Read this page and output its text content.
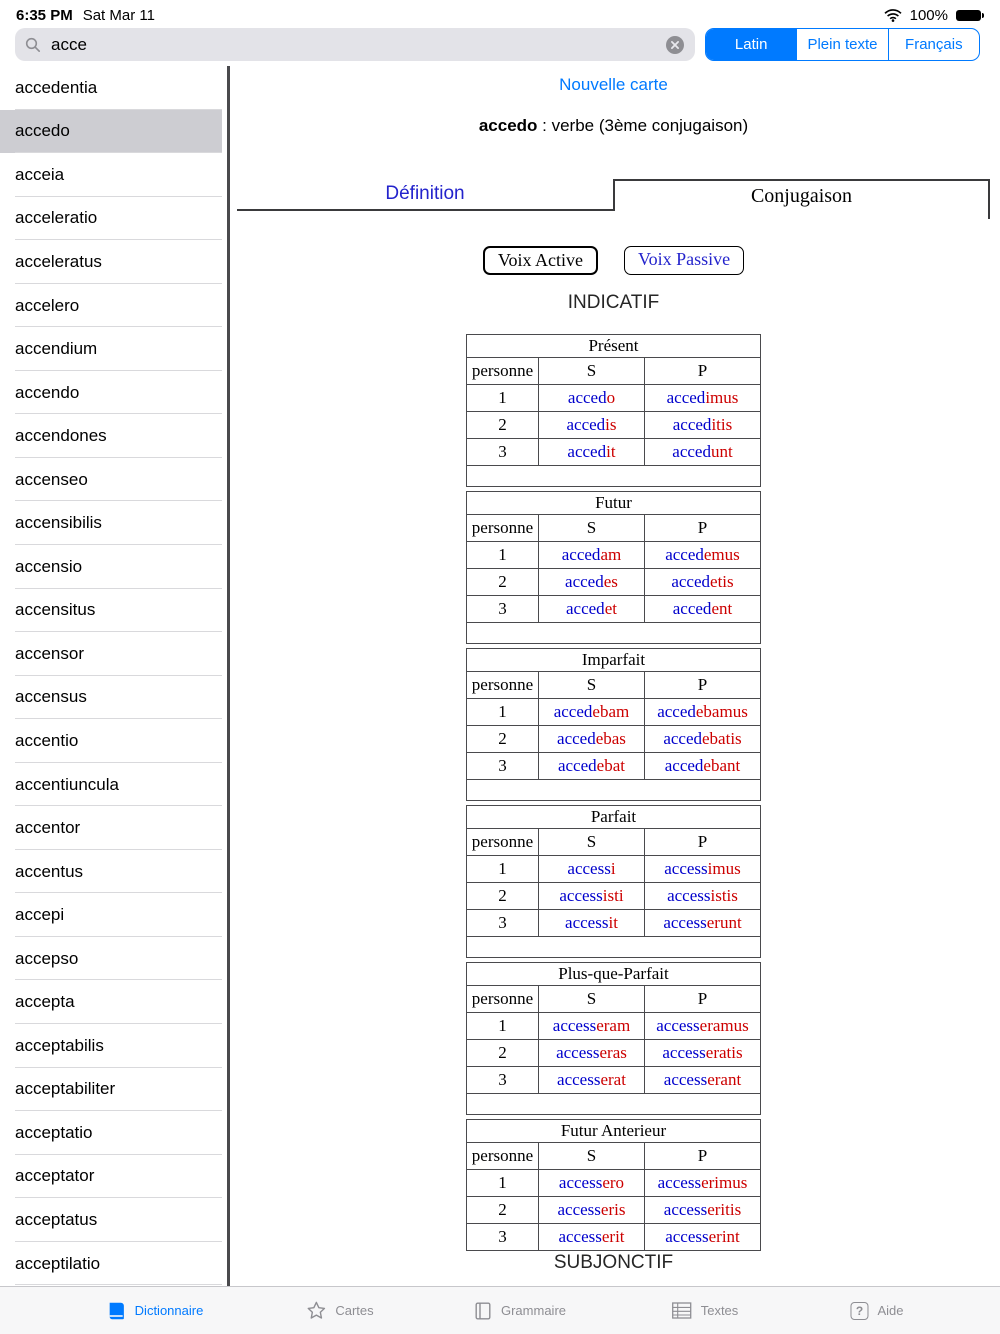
6:35 PM Sat Mar 11	100%
acce
Latin	Plein texte	Français
accedentia
accedo
acceia
acceleratio
acceleratus
accelero
accendium
accendo
accendones
accenseo
accensibilis
accensio
accensitus
accensor
accensus
accentio
accentiuncula
accentor
accentus
accepi
accepso
accepta
acceptabilis
acceptabiliter
acceptatio
acceptator
acceptatus
acceptilatio
Nouvelle carte
accedo : verbe (3ème conjugaison)
Définition	Conjugaison
Voix Active	Voix Passive
INDICATIF
Présent		
personne	S	P
1	accedo	accedimus
2	accedis	acceditis
3	accedit	accedunt

Futur		
personne	S	P
1	accedam	accedemus
2	accedes	accedetis
3	accedet	accedent

Imparfait		
personne	S	P
1	accedebam	accedebamus
2	accedebas	accedebatis
3	accedebat	accedebant

Parfait		
personne	S	P
1	accessi	accessimus
2	accessisti	accessistis
3	accessit	accesserunt

Plus-que-Parfait		
personne	S	P
1	accesseram	accesseramus
2	accesseras	accesseratis
3	accesserat	accesserant

Futur Anterieur		
personne	S	P
1	accessero	accesserimus
2	accesseris	accesseritis
3	accesserit	accesserint
SUBJONCTIF
Dictionnaire	Cartes	Grammaire	Textes	?	Aide
